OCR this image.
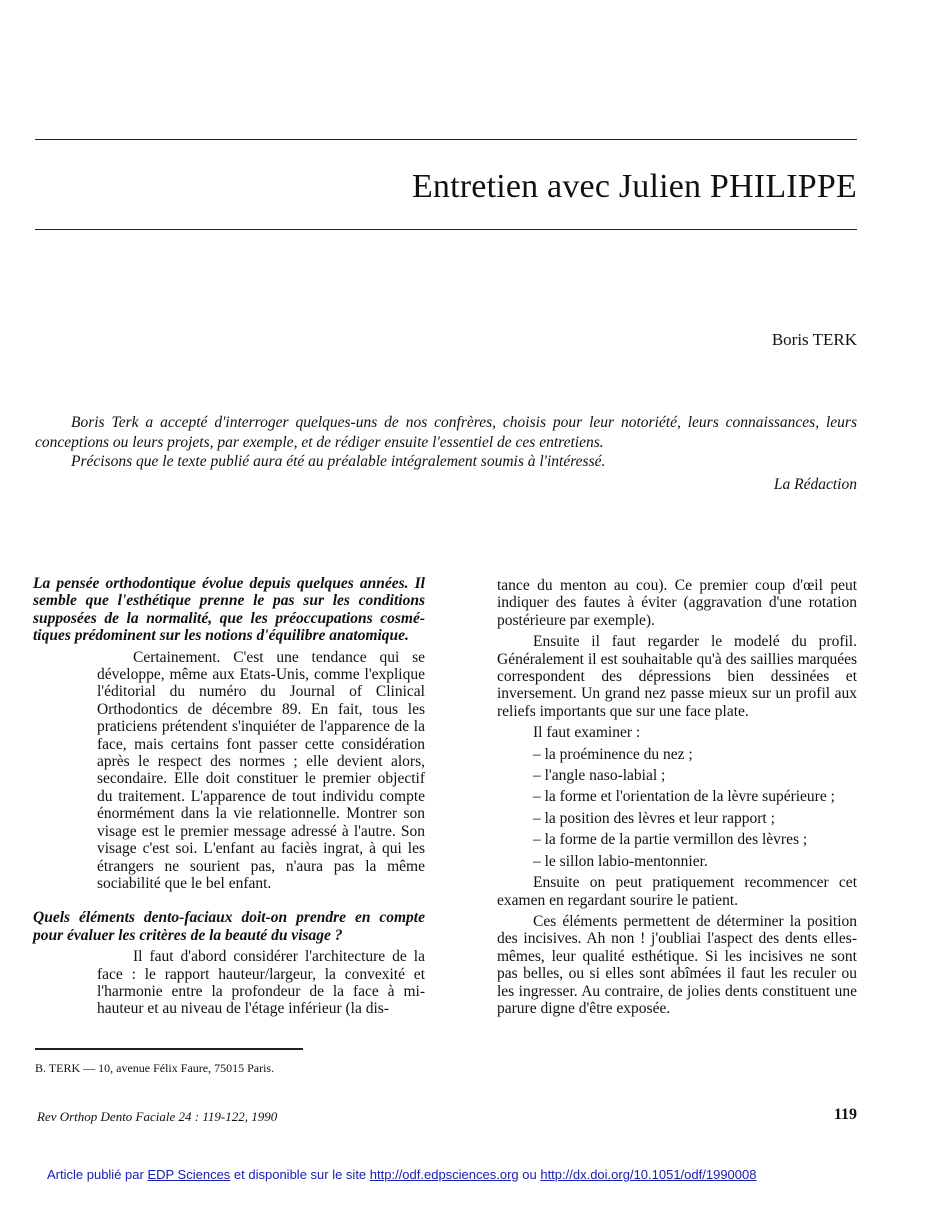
Entretien avec Julien PHILIPPE
Boris TERK

Boris Terk a accepté d'interroger quelques-uns de nos confrères, choisis pour leur notoriété, leurs connaissances, leurs conceptions ou leurs projets, par exemple, et de rédiger ensuite l'essentiel de ces entretiens.

Précisons que le texte publié aura été au préalable intégralement soumis à l'intéressé.

La Rédaction

La pensée orthodontique évolue depuis quelques années. Il semble que l'esthétique prenne le pas sur les conditions supposées de la normalité, que les préoccupations cosmétiques prédominent sur les notions d'équilibre anatomique.

Certainement. C'est une tendance qui se développe, même aux Etats-Unis, comme l'explique l'éditorial du numéro du Journal of Clinical Orthodontics de décembre 89. En fait, tous les praticiens prétendent s'inquiéter de l'apparence de la face, mais certains font passer cette considération après le respect des normes ; elle devient alors, secondaire. Elle doit constituer le premier objectif du traitement. L'apparence de tout individu compte énormément dans la vie relationnelle. Montrer son visage est le premier message adressé à l'autre. Son visage c'est soi. L'enfant au faciès ingrat, à qui les étrangers ne sourient pas, n'aura pas la même sociabilité que le bel enfant.

Quels éléments dento-faciaux doit-on prendre en compte pour évaluer les critères de la beauté du visage ?

Il faut d'abord considérer l'architecture de la face : le rapport hauteur/largeur, la convexité et l'harmonie entre la profondeur de la face à mi-hauteur et au niveau de l'étage inférieur (la dis-

tance du menton au cou). Ce premier coup d'œil peut indiquer des fautes à éviter (aggravation d'une rotation postérieure par exemple).

Ensuite il faut regarder le modelé du profil. Généralement il est souhaitable qu'à des saillies marquées correspondent des dépressions bien dessinées et inversement. Un grand nez passe mieux sur un profil aux reliefs importants que sur une face plate.

Il faut examiner :

– la proéminence du nez ;

– l'angle naso-labial ;

– la forme et l'orientation de la lèvre supérieure ;

– la position des lèvres et leur rapport ;

– la forme de la partie vermillon des lèvres ;

– le sillon labio-mentonnier.

Ensuite on peut pratiquement recommencer cet examen en regardant sourire le patient.

Ces éléments permettent de déterminer la position des incisives. Ah non ! j'oubliai l'aspect des dents elles-mêmes, leur qualité esthétique. Si les incisives ne sont pas belles, ou si elles sont abîmées il faut les reculer ou les ingresser. Au contraire, de jolies dents constituent une parure digne d'être exposée.

B. TERK — 10, avenue Félix Faure, 75015 Paris.
Rev Orthop Dento Faciale 24 : 119-122, 1990	119
Article publié par EDP Sciences et disponible sur le site http://odf.edpsciences.org ou http://dx.doi.org/10.1051/odf/1990008
